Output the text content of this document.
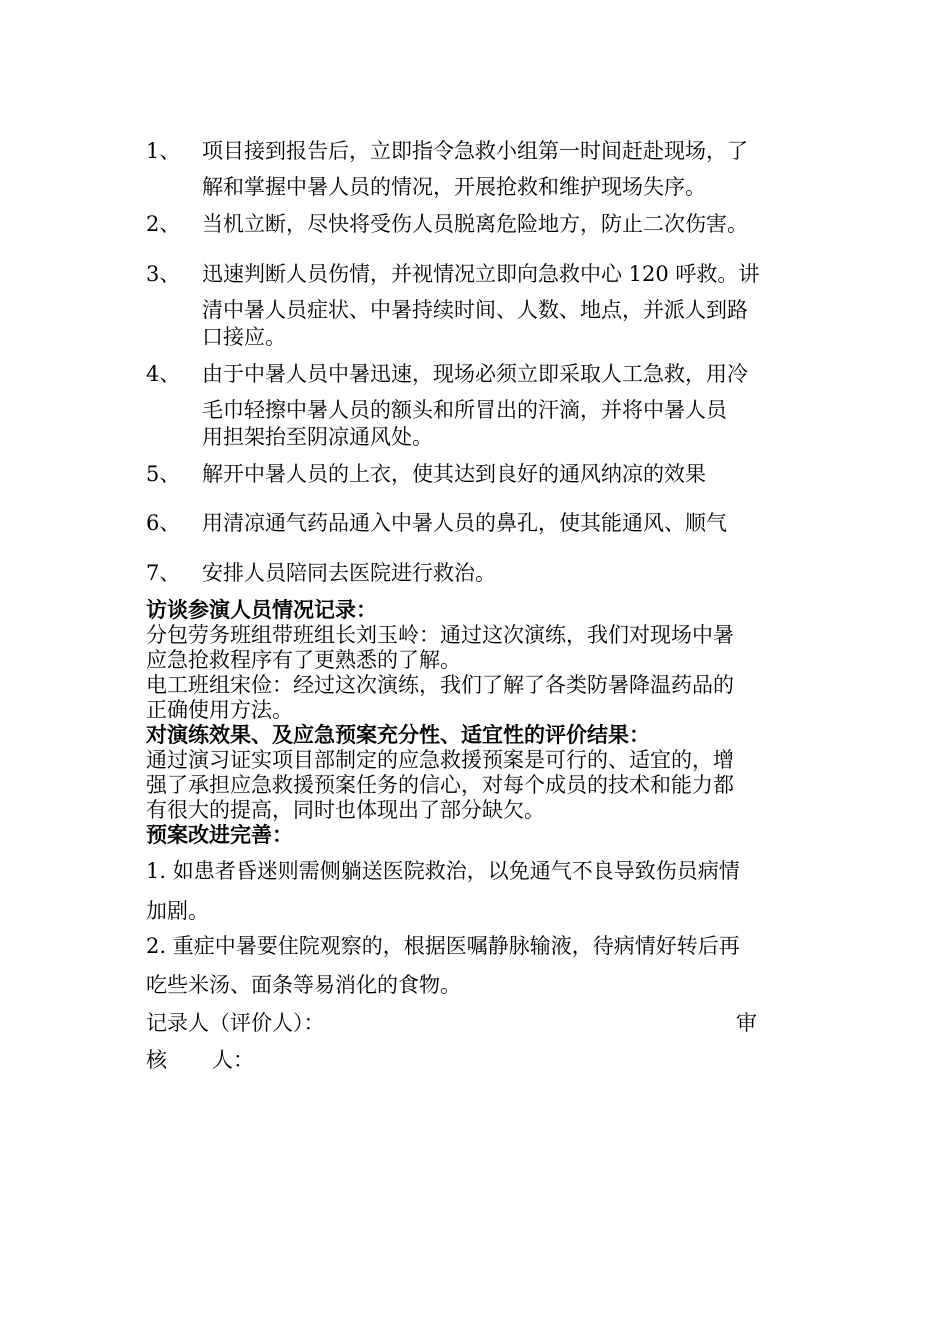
1、 项目接到报告后，立即指令急救小组第一时间赶赴现场，了
解和掌握中暑人员的情况，开展抢救和维护现场失序。
2、 当机立断，尽快将受伤人员脱离危险地方，防止二次伤害。
3、 迅速判断人员伤情，并视情况立即向急救中心 120 呼救。讲
清中暑人员症状、中暑持续时间、人数、地点，并派人到路
口接应。
4、 由于中暑人员中暑迅速，现场必须立即采取人工急救，用冷
毛巾轻擦中暑人员的额头和所冒出的汗滴，并将中暑人员
用担架抬至阴凉通风处。
5、 解开中暑人员的上衣，使其达到良好的通风纳凉的效果
6、 用清凉通气药品通入中暑人员的鼻孔，使其能通风、顺气
7、 安排人员陪同去医院进行救治。
访谈参演人员情况记录：
分包劳务班组带班组长刘玉岭：通过这次演练，我们对现场中暑
应急抢救程序有了更熟悉的了解。
电工班组宋俭：经过这次演练，我们了解了各类防暑降温药品的
正确使用方法。
对演练效果、及应急预案充分性、适宜性的评价结果：
通过演习证实项目部制定的应急救援预案是可行的、适宜的，增
强了承担应急救援预案任务的信心，对每个成员的技术和能力都
有很大的提高，同时也体现出了部分缺欠。
预案改进完善：
1. 如患者昏迷则需侧躺送医院救治，以免通气不良导致伤员病情
加剧。
2. 重症中暑要住院观察的，根据医嘱静脉输液，待病情好转后再
吃些米汤、面条等易消化的食物。
记录人（评价人）：	审
核 人：
